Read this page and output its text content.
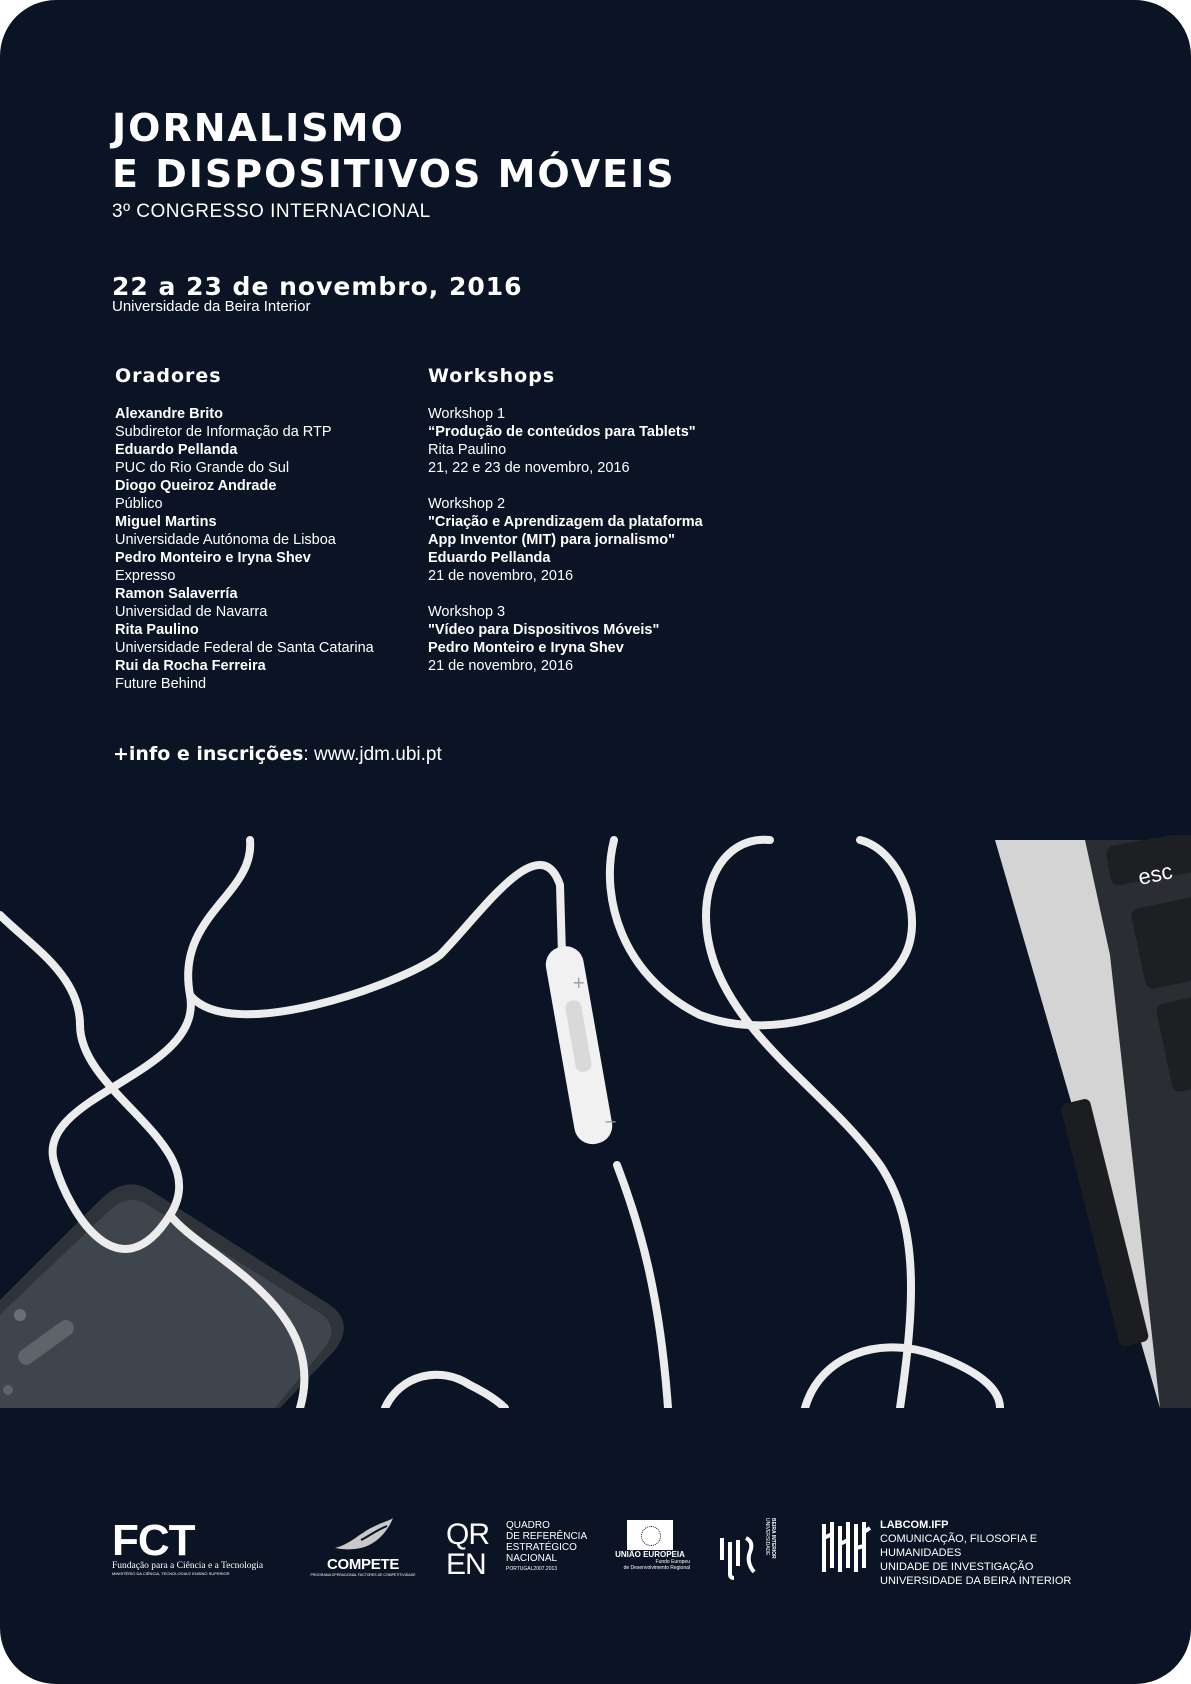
JORNALISMO
E DISPOSITIVOS MÓVEIS
3º CONGRESSO INTERNACIONAL
22 a 23 de novembro, 2016
Universidade da Beira Interior
Oradores	Workshops
Alexandre Brito
Subdiretor de Informação da RTP
Eduardo Pellanda
PUC do Rio Grande do Sul
Diogo Queiroz Andrade
Público
Miguel Martins
Universidade Autónoma de Lisboa
Pedro Monteiro e Iryna Shev
Expresso
Ramon Salaverría
Universidad de Navarra
Rita Paulino
Universidade Federal de Santa Catarina
Rui da Rocha Ferreira
Future Behind
Workshop 1
“Produção de conteúdos para Tablets"
Rita Paulino
21, 22 e 23 de novembro, 2016
Workshop 2
"Criação e Aprendizagem da plataforma
App Inventor (MIT) para jornalismo"
Eduardo Pellanda
21 de novembro, 2016
Workshop 3
"Vídeo para Dispositivos Móveis"
Pedro Monteiro e Iryna Shev
21 de novembro, 2016
+info e inscrições: www.jdm.ubi.pt
esc
+
−
FCT
Fundação para a Ciência e a Tecnologia
MINISTÉRIO DA CIÊNCIA, TECNOLOGIA E ENSINO SUPERIOR
COMPETE
PROGRAMA OPERACIONAL FACTORES DE COMPETITIVIDADE
QR
EN
QUADRO
DE REFERÊNCIA
ESTRATÉGICO
NACIONAL
PORTUGAL2007.2013
UNIÃO EUROPEIA
Fundo Europeu
de Desenvolvimento Regional
UNIVERSIDADE BEIRA INTERIOR	LABCOM.IFP
COMUNICAÇÃO, FILOSOFIA E HUMANIDADES
UNIDADE DE INVESTIGAÇÃO
UNIVERSIDADE DA BEIRA INTERIOR
